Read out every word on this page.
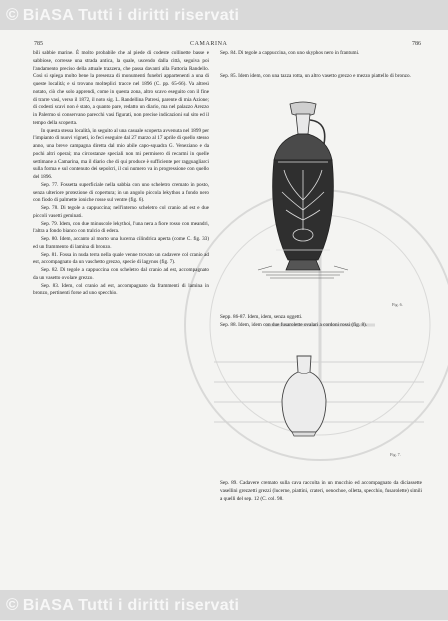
© BiASA Tutti i diritti riservati
785	CAMARINA	786

bili sabbie marine. È molto probabile che al piede di codeste collinette basse e sabbiose, corresse una strada antica, la quale, uscendo dalla città, seguiva poi l'andamento preciso della attuale trazzera, che passa davanti alla Fattoria Randello. Così si spiega molto bene la presenza di monumenti funebri appartenenti a una di queste località; e si trovano molteplici tracce nel 1896 (C. pp. 65-66). Va altresì notato, ciò che solo apprendi, come in questa zona, altro scavo eseguito con il fine di trarre vasi, verso il 1872, il noto sig. L. Randellina Patresi, parente di mia Azione; di codesti scavi non è stato, a quanto pare, redatto un diario, ma nel palazzo Arezzo in Palermo si conservano parecchi vasi figurati, non precise indicazioni sul sito ed il tempo della scoperta.

In questa stessa località, in seguito al una casuale scoperta avvenuta nel 1899 per l'impianto di nuovi vigneti, io feci eseguire dal 27 marzo al 17 aprile di quello stesso anno, una breve campagna diretta dal mio abile capo-squadra G. Veneziano e da pochi altri operai; ma circostanze speciali non mi permisero di recarmi in quelle settimane a Camarina, ma il diario che di qui produce è sufficiente per ragguagliarci sulla forma e sul contenuto dei sepolcri, il cui numero va in progressione con quello del 1896.

Sep. 77. Fossetta superficiale nella sabbia con uno scheletro cremato in posto, senza ulteriore protezione di copertura; in un angolo piccola lekythos a fondo nero con fiodo di palmette ioniche rosse sul ventre (fig. 6).

Sep. 78. Di tegole a cappuccina; nell'interno scheletro col cranio ad est e due piccoli vasetti geminati.

Sep. 79. Idem, con due minuscole lekythoi, l'una nera a fiore rosso con meandri, l'altra a fondo bianco con tralcio di edera.

Sep. 80. Idem, accanto al morto una lucerna cilindrica aperta (come C. fig. 33) ed un frammento di lamina di bronzo.

Sep. 81. Fossa in nuda terra nella quale venne trovato un cadavere col cranio ad est, accompagnato da un vaschetto grezzo, specie di lagynos (fig. 7).

Sep. 82. Di tegole a cappuccina con scheletro dal cranio ad est, accompagnato da un vasetto ovolare grezzo.

Sep. 83. Idem, col cranio ad est, accompagnato da frammenti di lamina in bronzo, pertinenti forse ad uno specchio.

Sep. 84. Di tegole a cappuccina, con uno skyphos nero in frantumi.

Sep. 85. Idem idem, con una tazza rotta, un altro vasetto grezzo e mezzo piattello di bronzo.

Fig. 6.

Sepp. 86-87. Idem, idem, senza oggetti.

Sep. 88. Idem, idem con due fusarolette ovalari a cordoni rossi (fig. 8).

Fig. 7.

Sep. 89. Cadavere cremato sulla cava raccolta in un mucchio ed accompagnato da diciassette vasellini grezzetti grezzi (lucerne, piattini, crateri, oenochoe, olletta, specchio, fusarolette) simili a quelli del sep. 12 (C. col. 98.

© BiASA Tutti i diritti riservati
